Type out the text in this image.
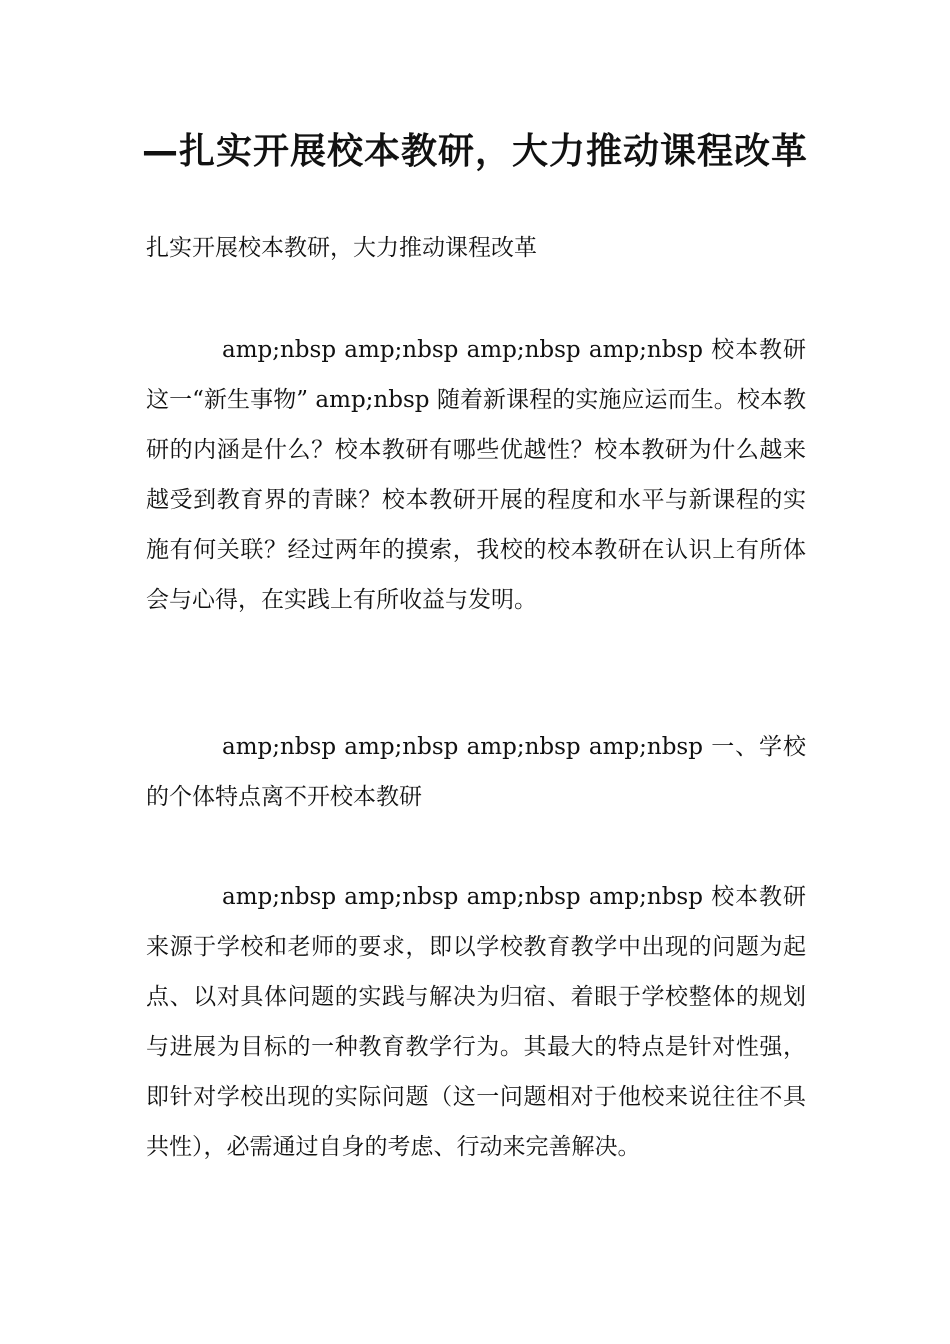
—扎实开展校本教研，大力推动课程改革

扎实开展校本教研，大力推动课程改革

amp;nbsp amp;nbsp amp;nbsp amp;nbsp 校本教研这一“新生事物” amp;nbsp 随着新课程的实施应运而生。校本教研的内涵是什么？校本教研有哪些优越性？校本教研为什么越来越受到教育界的青睐？校本教研开展的程度和水平与新课程的实施有何关联？经过两年的摸索，我校的校本教研在认识上有所体会与心得，在实践上有所收益与发明。

amp;nbsp amp;nbsp amp;nbsp amp;nbsp 一、学校的个体特点离不开校本教研

amp;nbsp amp;nbsp amp;nbsp amp;nbsp 校本教研来源于学校和老师的要求，即以学校教育教学中出现的问题为起点、以对具体问题的实践与解决为归宿、着眼于学校整体的规划与进展为目标的一种教育教学行为。其最大的特点是针对性强，即针对学校出现的实际问题（这一问题相对于他校来说往往不具共性），必需通过自身的考虑、行动来完善解决。
